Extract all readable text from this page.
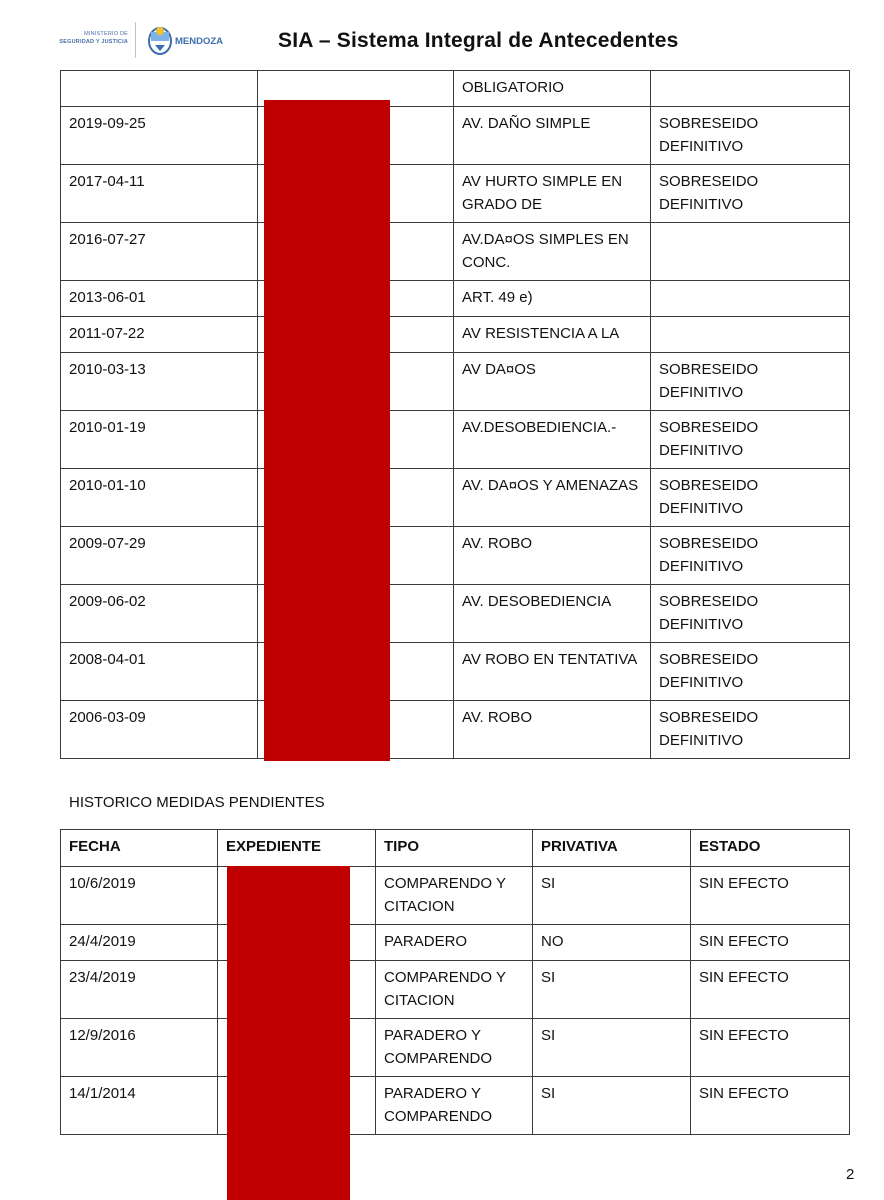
MINISTERIO DE
SEGURIDAD Y JUSTICIA	MENDOZA	SIA – Sistema Integral de Antecedentes
		OBLIGATORIO	
2019-09-25		AV. DAÑO SIMPLE	SOBRESEIDO DEFINITIVO
2017-04-11		AV HURTO SIMPLE EN GRADO DE	SOBRESEIDO DEFINITIVO
2016-07-27		AV.DA¤OS SIMPLES EN CONC.	
2013-06-01		ART. 49 e)	
2011-07-22		AV RESISTENCIA A LA	
2010-03-13		AV DA¤OS	SOBRESEIDO DEFINITIVO
2010-01-19		AV.DESOBEDIENCIA.-	SOBRESEIDO DEFINITIVO
2010-01-10		AV. DA¤OS Y AMENAZAS	SOBRESEIDO DEFINITIVO
2009-07-29		AV. ROBO	SOBRESEIDO DEFINITIVO
2009-06-02		AV. DESOBEDIENCIA	SOBRESEIDO DEFINITIVO
2008-04-01		AV ROBO EN TENTATIVA	SOBRESEIDO DEFINITIVO
2006-03-09		AV. ROBO	SOBRESEIDO DEFINITIVO
HISTORICO MEDIDAS PENDIENTES
FECHA	EXPEDIENTE	TIPO	PRIVATIVA	ESTADO
10/6/2019		COMPARENDO Y CITACION	SI	SIN EFECTO
24/4/2019		PARADERO	NO	SIN EFECTO
23/4/2019		COMPARENDO Y CITACION	SI	SIN EFECTO
12/9/2016		PARADERO Y COMPARENDO	SI	SIN EFECTO
14/1/2014		PARADERO Y COMPARENDO	SI	SIN EFECTO
2
